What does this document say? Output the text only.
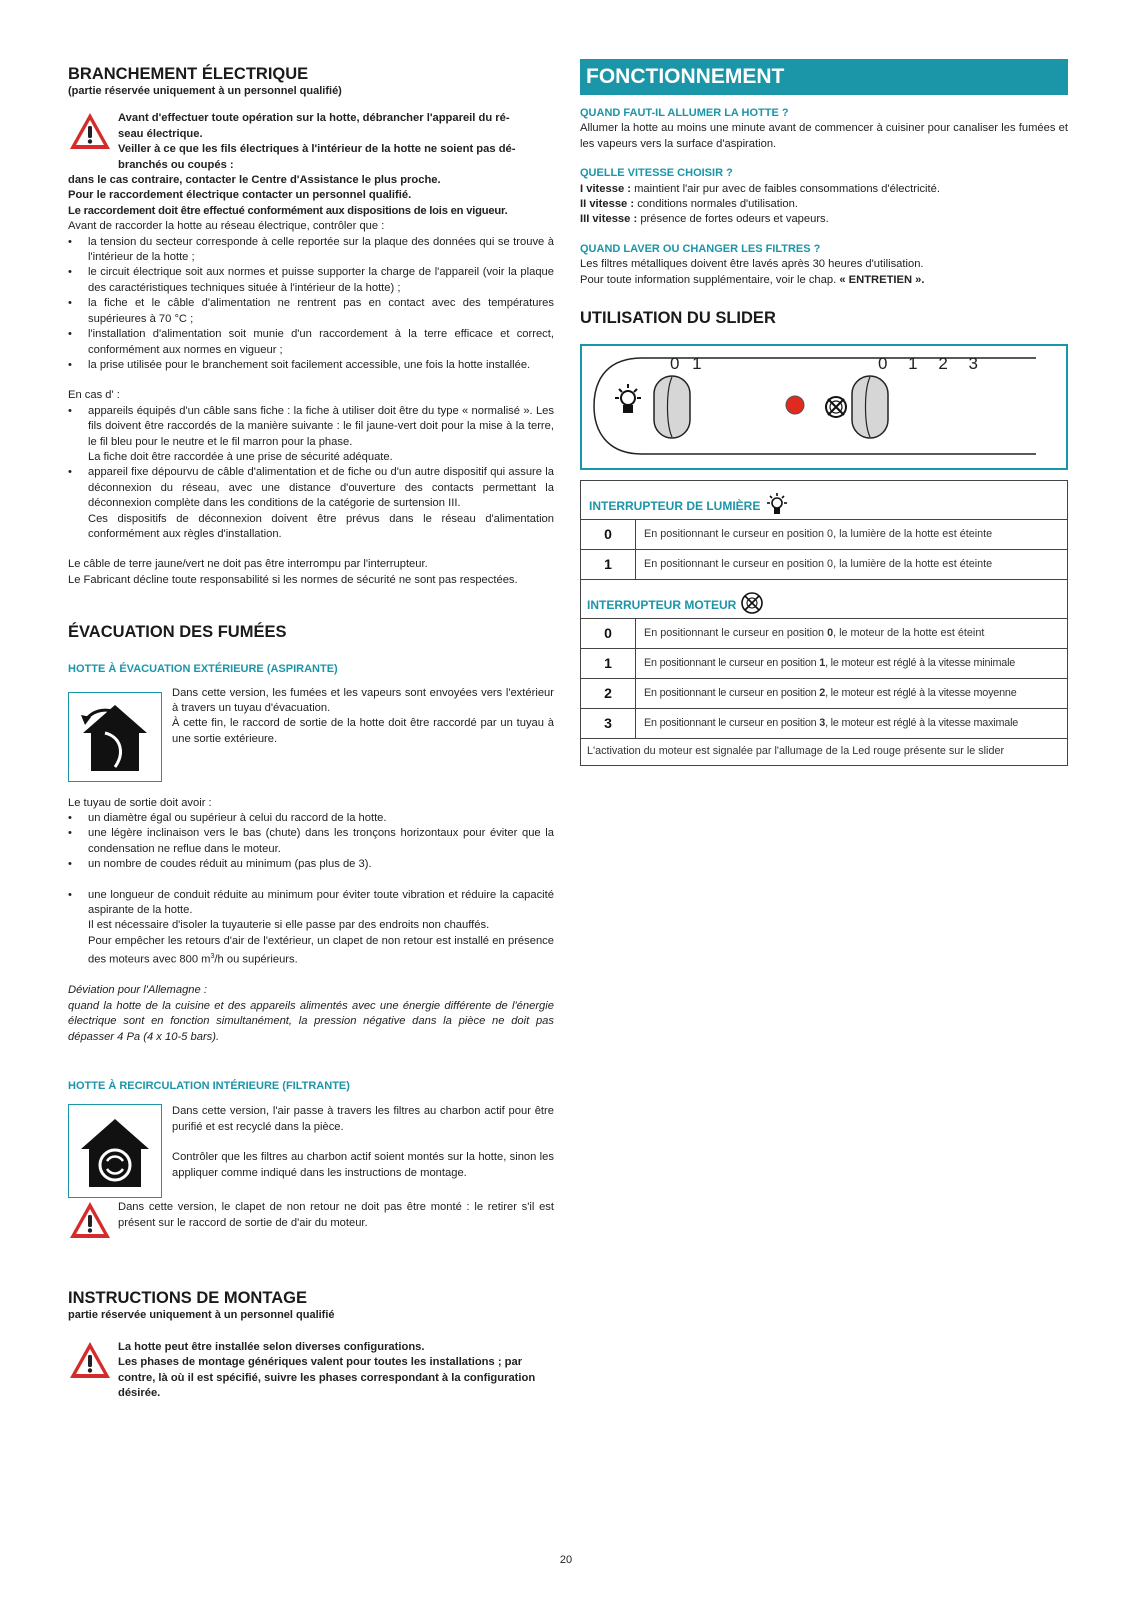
BRANCHEMENT ÉLECTRIQUE

(partie réservée uniquement à un personnel qualifié)

Avant d'effectuer toute opération sur la hotte, débrancher l'appareil du ré-

seau électrique.

Veiller à ce que les fils électriques à l'intérieur de la hotte ne soient pas dé-

branchés ou coupés :

dans le cas contraire, contacter le Centre d'Assistance le plus proche.

Pour le raccordement électrique contacter un personnel qualifié.

Le raccordement doit être effectué conformément aux dispositions de lois en vigueur.

Avant de raccorder la hotte au réseau électrique, contrôler que :

• la tension du secteur corresponde à celle reportée sur la plaque des données qui se trouve à l'intérieur de la hotte ;
• le circuit électrique soit aux normes et puisse supporter la charge de l'appareil (voir la plaque des caractéristiques techniques située à l'intérieur de la hotte) ;
• la fiche et le câble d'alimentation ne rentrent pas en contact avec des températures supérieures à 70 °C ;
• l'installation d'alimentation soit munie d'un raccordement à la terre efficace et correct, conformément aux normes en vigueur ;
• la prise utilisée pour le branchement soit facilement accessible, une fois la hotte installée.

En cas d' :

• appareils équipés d'un câble sans fiche : la fiche à utiliser doit être du type « normalisé ». Les fils doivent être raccordés de la manière suivante : le fil jaune-vert doit pour la mise à la terre, le fil bleu pour le neutre et le fil marron pour la phase.
La fiche doit être raccordée à une prise de sécurité adéquate.
• appareil fixe dépourvu de câble d'alimentation et de fiche ou d'un autre dispositif qui assure la déconnexion du réseau, avec une distance d'ouverture des contacts permettant la déconnexion complète dans les conditions de la catégorie de surtension III.
Ces dispositifs de déconnexion doivent être prévus dans le réseau d'alimentation conformément aux règles d'installation.

Le câble de terre jaune/vert ne doit pas être interrompu par l'interrupteur.

Le Fabricant décline toute responsabilité si les normes de sécurité ne sont pas respectées.

ÉVACUATION DES FUMÉES

HOTTE À ÉVACUATION EXTÉRIEURE (ASPIRANTE)

Dans cette version, les fumées et les vapeurs sont envoyées vers l'extérieur à travers un tuyau d'évacuation.

À cette fin, le raccord de sortie de la hotte doit être raccordé par un tuyau à une sortie extérieure.

Le tuyau de sortie doit avoir :

• un diamètre égal ou supérieur à celui du raccord de la hotte.
• une légère inclinaison vers le bas (chute) dans les tronçons horizontaux pour éviter que la condensation ne reflue dans le moteur.
• un nombre de coudes réduit au minimum (pas plus de 3).
• une longueur de conduit réduite au minimum pour éviter toute vibration et réduire la capacité aspirante de la hotte.
Il est nécessaire d'isoler la tuyauterie si elle passe par des endroits non chauffés.
Pour empêcher les retours d'air de l'extérieur, un clapet de non retour est installé en présence des moteurs avec 800 $m^3/h$ ou supérieurs.

Déviation pour l'Allemagne :

quand la hotte de la cuisine et des appareils alimentés avec une énergie différente de l'énergie électrique sont en fonction simultanément, la pression négative dans la pièce ne doit pas dépasser 4 Pa (4 x 10-5 bars).

HOTTE À RECIRCULATION INTÉRIEURE (FILTRANTE)

Dans cette version, l'air passe à travers les filtres au charbon actif pour être purifié et est recyclé dans la pièce.

Contrôler que les filtres au charbon actif soient montés sur la hotte, sinon les appliquer comme indiqué dans les instructions de montage.

Dans cette version, le clapet de non retour ne doit pas être monté : le retirer s'il est présent sur le raccord de sortie de d'air du moteur.

INSTRUCTIONS DE MONTAGE

partie réservée uniquement à un personnel qualifié

La hotte peut être installée selon diverses configurations.

Les phases de montage génériques valent pour toutes les installations ; par contre, là où il est spécifié, suivre les phases correspondant à la configuration désirée.

FONCTIONNEMENT

QUAND FAUT-IL ALLUMER LA HOTTE ?

Allumer la hotte au moins une minute avant de commencer à cuisiner pour canaliser les fumées et les vapeurs vers la surface d'aspiration.

QUELLE VITESSE CHOISIR ?

I vitesse : maintient l'air pur avec de faibles consommations d'électricité.

II vitesse : conditions normales d'utilisation.

III vitesse : présence de fortes odeurs et vapeurs.

QUAND LAVER OU CHANGER LES FILTRES ?

Les filtres métalliques doivent être lavés après 30 heures d'utilisation.

Pour toute information supplémentaire, voir le chap. « ENTRETIEN ».

UTILISATION DU SLIDER
0 1	0 1 2 3
INTERRUPTEUR DE LUMIÈRE	
0	En positionnant le curseur en position 0, la lumière de la hotte est éteinte
1	En positionnant le curseur en position 0, la lumière de la hotte est éteinte
INTERRUPTEUR MOTEUR	
0	En positionnant le curseur en position 0, le moteur de la hotte est éteint
1	En positionnant le curseur en position 1, le moteur est réglé à la vitesse minimale
2	En positionnant le curseur en position 2, le moteur est réglé à la vitesse moyenne
3	En positionnant le curseur en position 3, le moteur est réglé à la vitesse maximale
L'activation du moteur est signalée par l'allumage de la Led rouge présente sur le slider	
20
